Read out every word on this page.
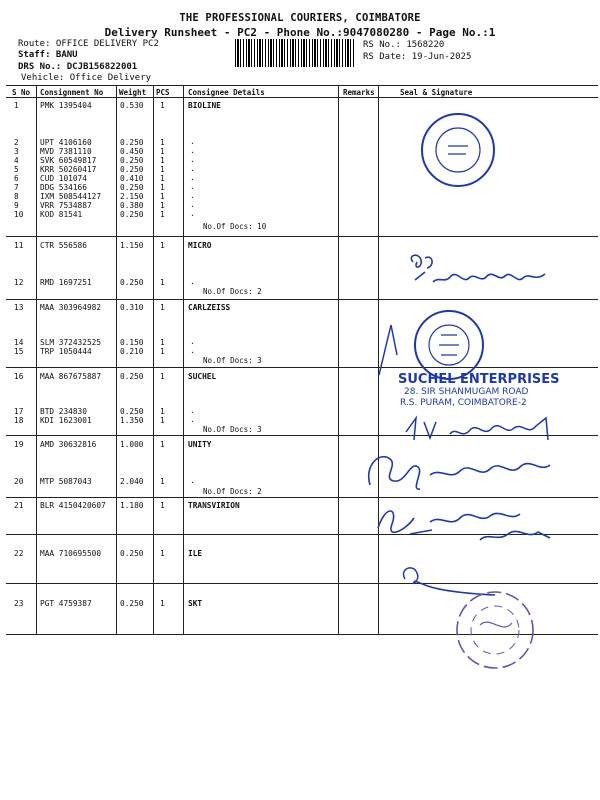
THE PROFESSIONAL COURIERS, COIMBATORE
Delivery Runsheet - PC2 - Phone No.:9047080280 - Page No.:1
Route: OFFICE DELIVERY PC2
Staff: BANU
DRS No.: DCJB156822001
Vehicle: Office Delivery
RS No.: 1568220
RS Date: 19-Jun-2025
S No Consignment No Weight PCS Consignee Details	Remarks	Seal & Signature
1	PMK 1395404	0.530 1	BIOLINE
2	UPT 4106160	0.250 1	.
3	MVD 7381110	0.450 1	.
4	SVK 60549817	0.250 1	.
5	KRR 50260417	0.250 1	.
6	CUD 101074	0.410 1	.
7	DDG 534166	0.250 1	.
8	IXM 508544127 2.150 1	.
9	VRR 7534887	0.380 1	.
10 KOD 81541	0.250 1	.
No.Of Docs: 10
11 CTR 556586	1.150 1	MICRO
12 RMD 1697251	0.250 1	.
No.Of Docs: 2
13 MAA 303964982 0.310 1	CARLZEISS
14 SLM 372432525 0.150 1	.
15 TRP 1050444	0.210 1	.
No.Of Docs: 3
16 MAA 867675887 0.250 1	SUCHEL
17 BTD 234830	0.250 1	.
18 KDI 1623001	1.350 1	.
No.Of Docs: 3
19 AMD 30632816	1.000 1	UNITY
20 MTP 5087043	2.040 1	.
No.Of Docs: 2
21 BLR 4150420607 1.180 1	TRANSVIRION
22 MAA 710695500 0.250 1	ILE
23 PGT 4759387	0.250 1	SKT
SUCHEL ENTERPRISES
28. SIR SHANMUGAM ROAD
R.S. PURAM, COIMBATORE-2
